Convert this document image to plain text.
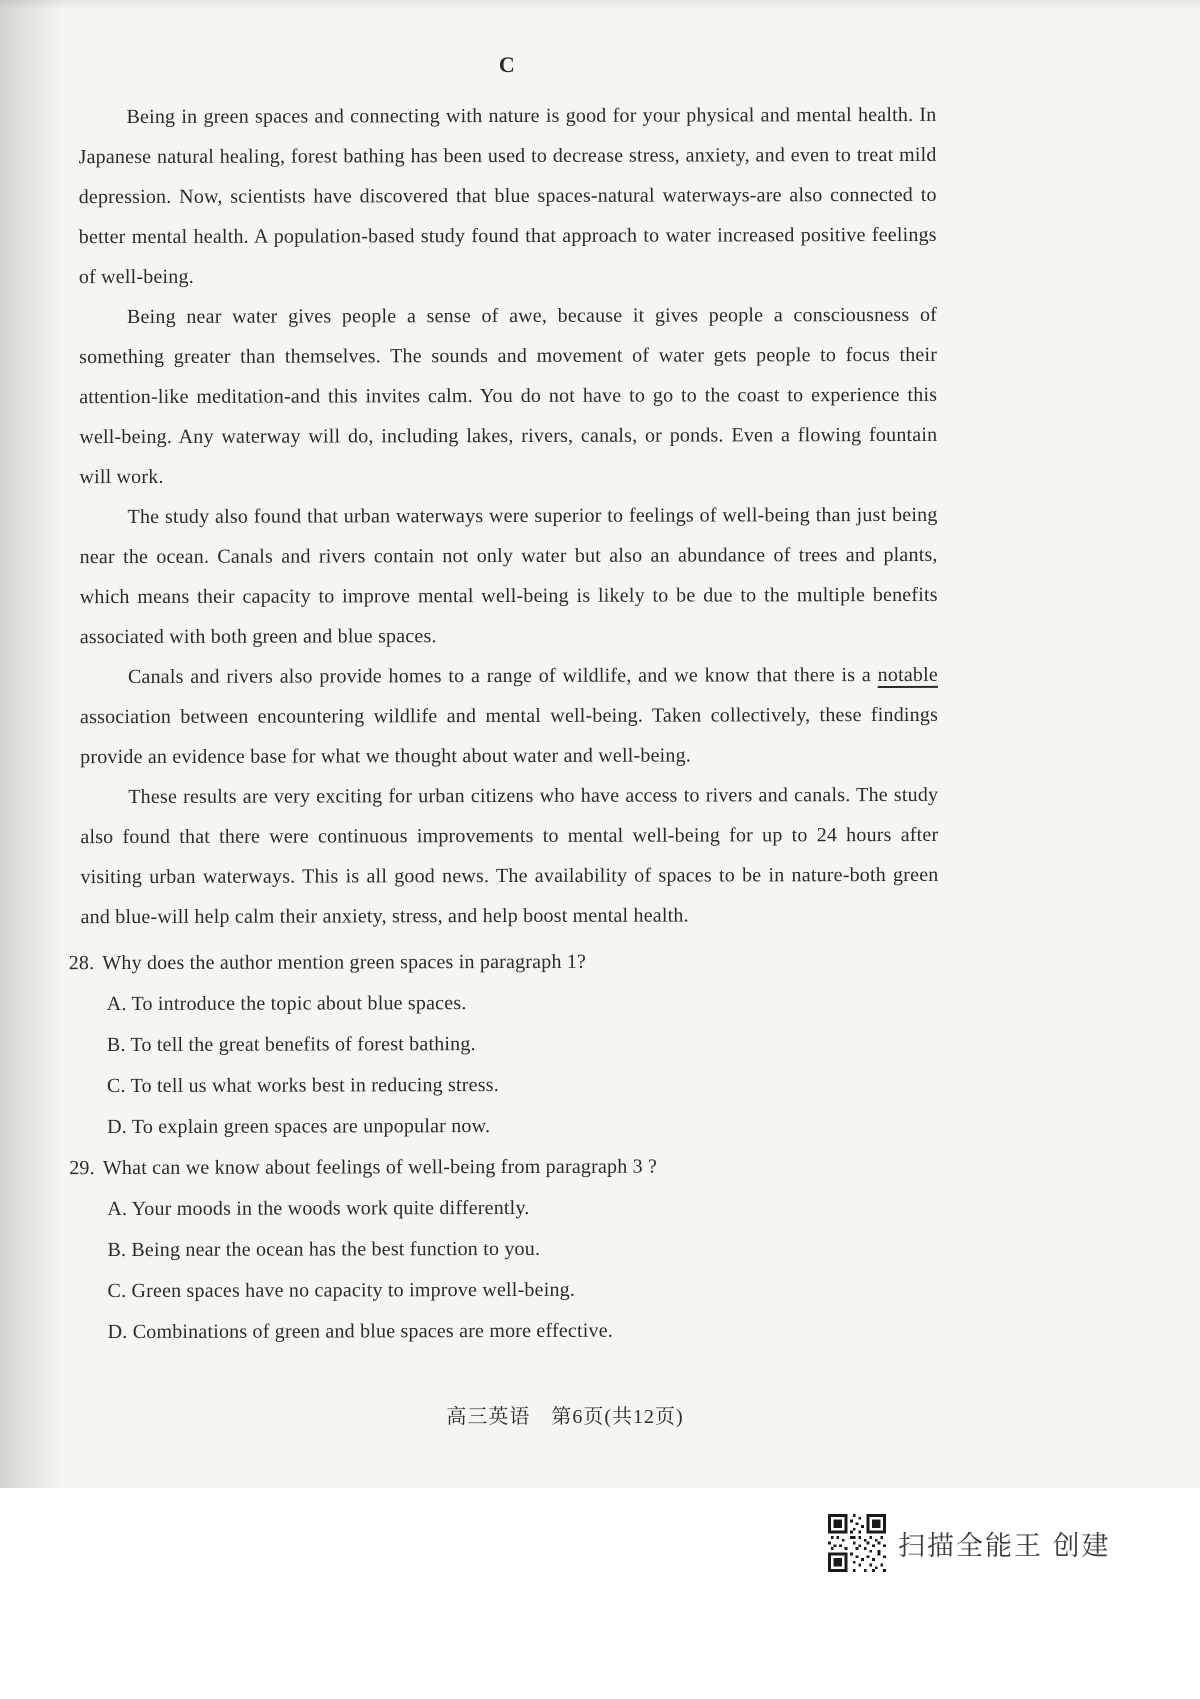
C

Being in green spaces and connecting with nature is good for your physical and mental health. In Japanese natural healing, forest bathing has been used to decrease stress, anxiety, and even to treat mild depression. Now, scientists have discovered that blue spaces-natural waterways-are also connected to better mental health. A population-based study found that approach to water increased positive feelings of well-being.

Being near water gives people a sense of awe, because it gives people a consciousness of something greater than themselves. The sounds and movement of water gets people to focus their attention-like meditation-and this invites calm. You do not have to go to the coast to experience this well-being. Any waterway will do, including lakes, rivers, canals, or ponds. Even a flowing fountain will work.

The study also found that urban waterways were superior to feelings of well-being than just being near the ocean. Canals and rivers contain not only water but also an abundance of trees and plants, which means their capacity to improve mental well-being is likely to be due to the multiple benefits associated with both green and blue spaces.

Canals and rivers also provide homes to a range of wildlife, and we know that there is a notable association between encountering wildlife and mental well-being. Taken collectively, these findings provide an evidence base for what we thought about water and well-being.

These results are very exciting for urban citizens who have access to rivers and canals. The study also found that there were continuous improvements to mental well-being for up to 24 hours after visiting urban waterways. This is all good news. The availability of spaces to be in nature-both green and blue-will help calm their anxiety, stress, and help boost mental health.

28. Why does the author mention green spaces in paragraph 1?
A. To introduce the topic about blue spaces.
B. To tell the great benefits of forest bathing.
C. To tell us what works best in reducing stress.
D. To explain green spaces are unpopular now.
29. What can we know about feelings of well-being from paragraph 3 ?
A. Your moods in the woods work quite differently.
B. Being near the ocean has the best function to you.
C. Green spaces have no capacity to improve well-being.
D. Combinations of green and blue spaces are more effective.
高三英语　第6页(共12页)
扫描全能王 创建
